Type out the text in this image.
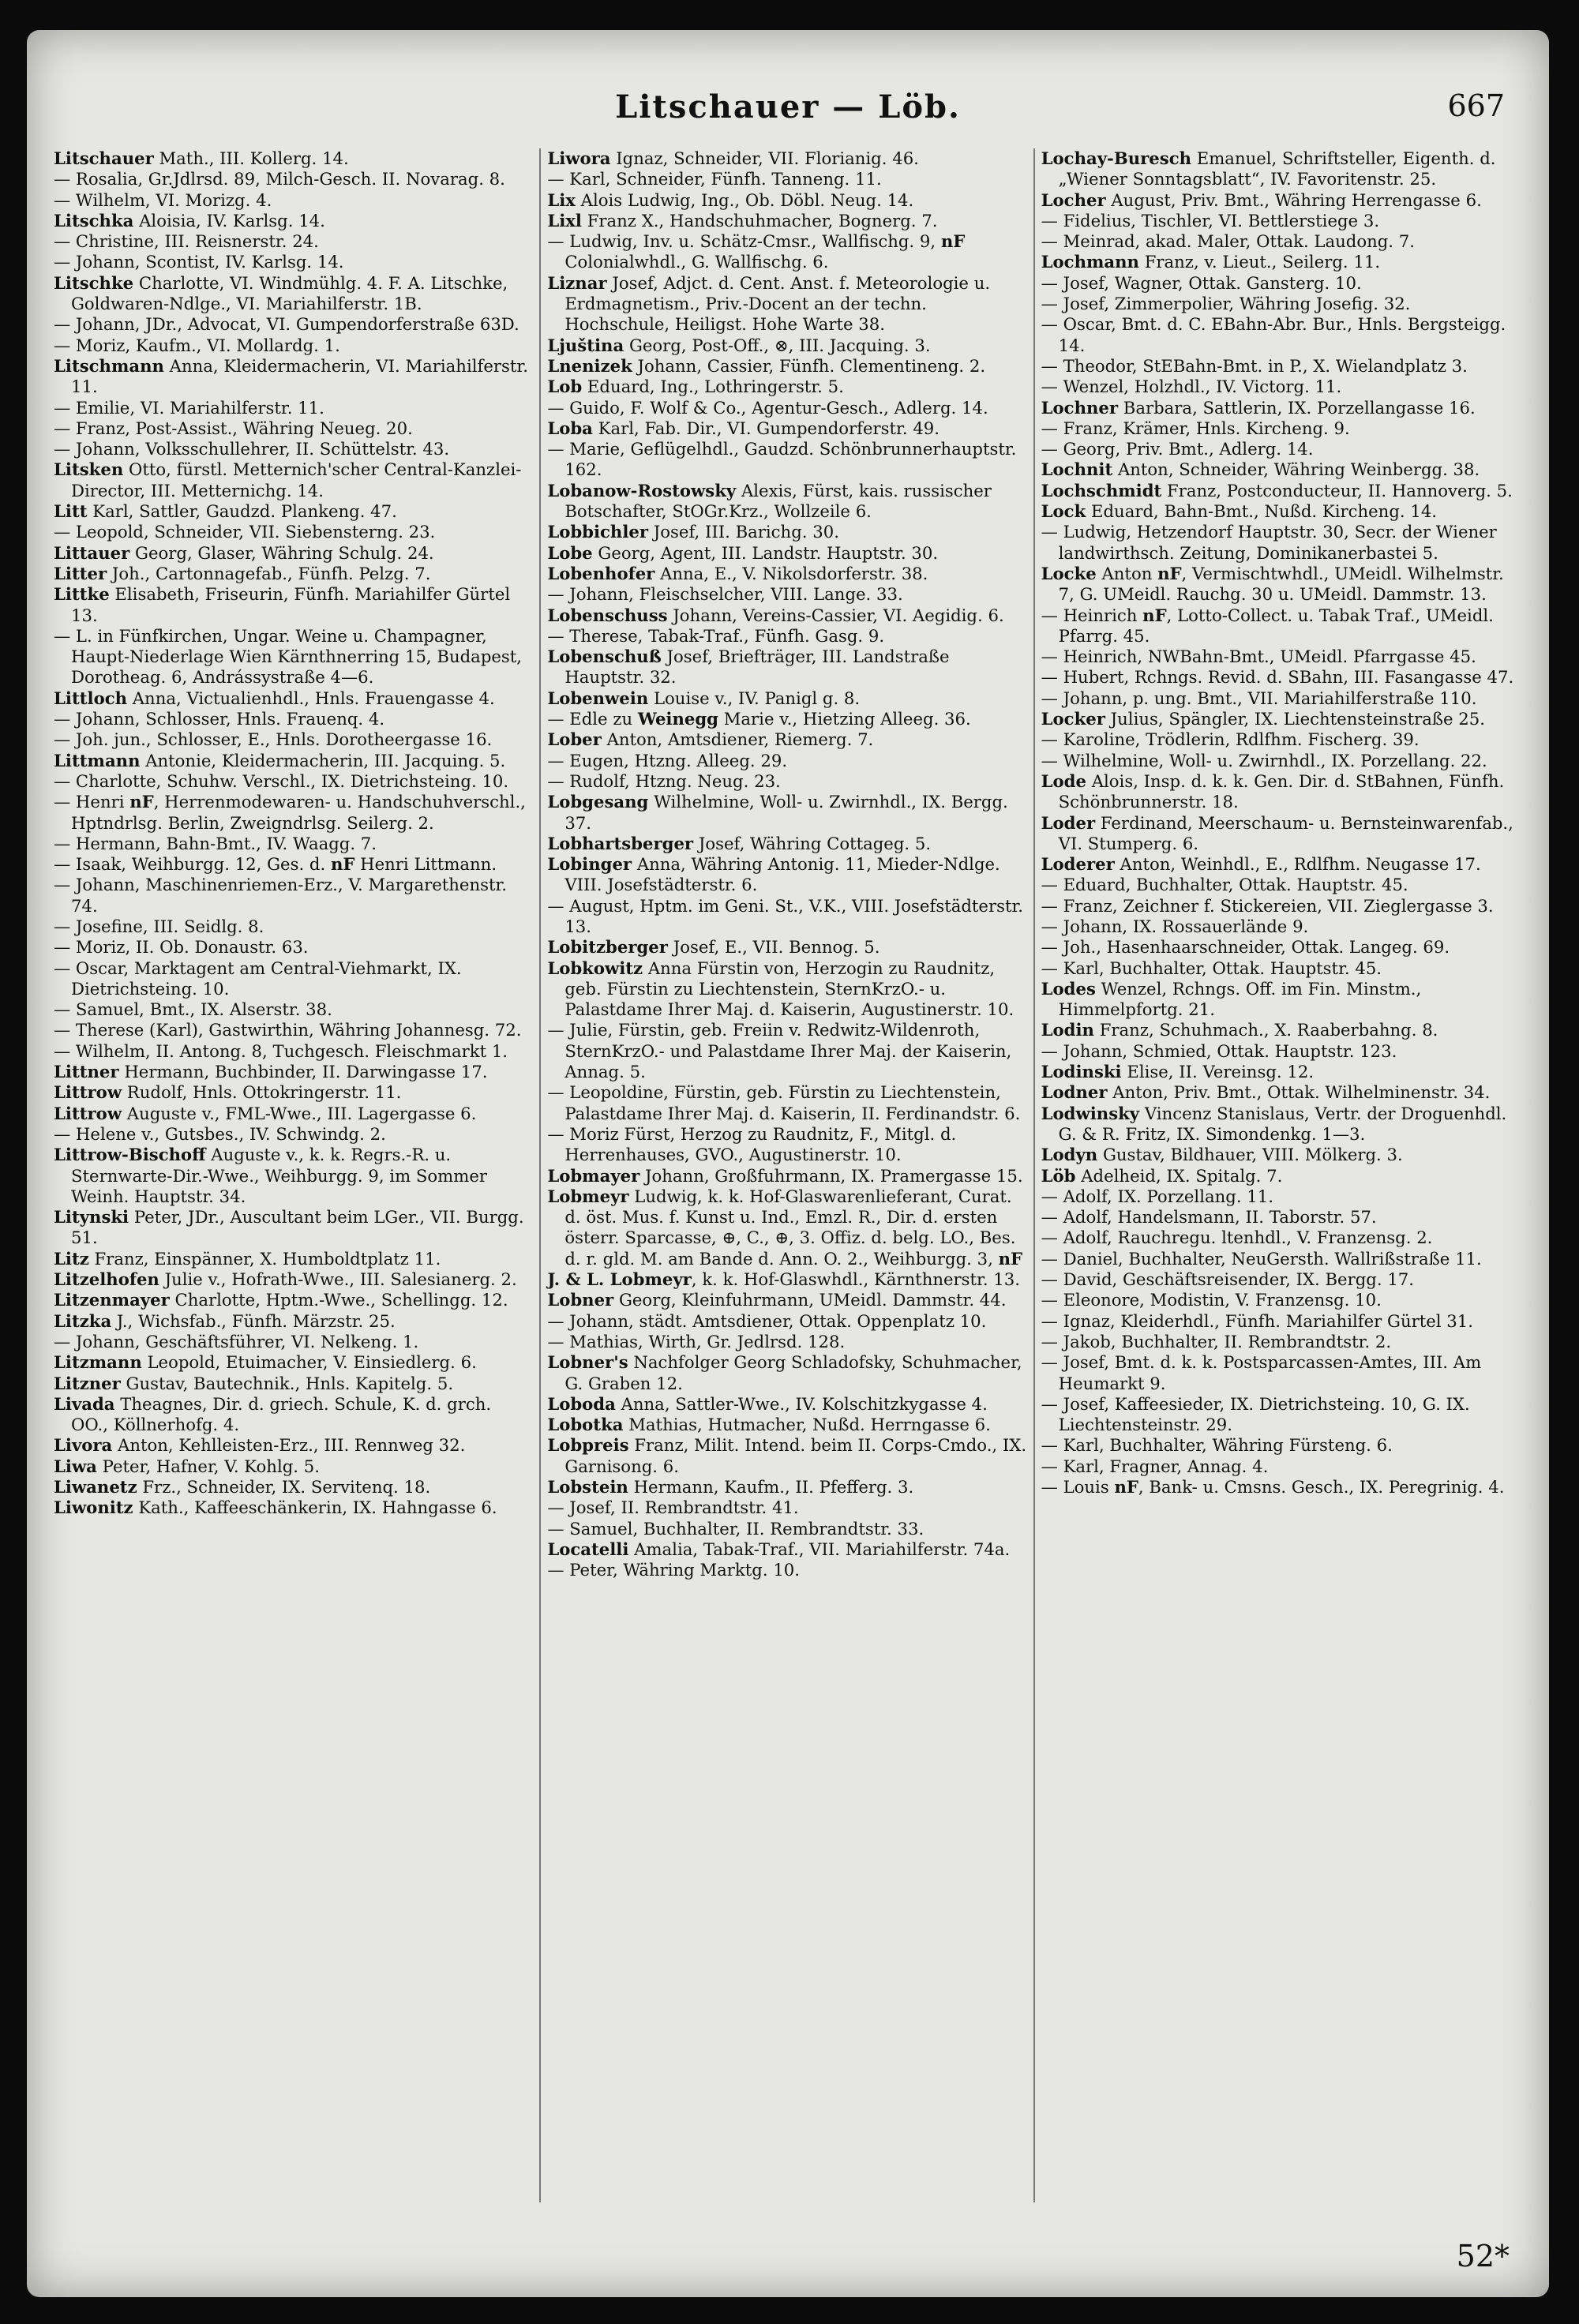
Litschauer — Löb.	667

Litschauer Math., III. Kollerg. 14.

— Rosalia, Gr.Jdlrsd. 89, Milch-Gesch. II. Novarag. 8.

— Wilhelm, VI. Morizg. 4.

Litschka Aloisia, IV. Karlsg. 14.

— Christine, III. Reisnerstr. 24.

— Johann, Scontist, IV. Karlsg. 14.

Litschke Charlotte, VI. Windmühlg. 4. F. A. Litschke, Goldwaren-Ndlge., VI. Mariahilferstr. 1B.

— Johann, JDr., Advocat, VI. Gumpendorferstraße 63D.

— Moriz, Kaufm., VI. Mollardg. 1.

Litschmann Anna, Kleidermacherin, VI. Mariahilferstr. 11.

— Emilie, VI. Mariahilferstr. 11.

— Franz, Post-Assist., Währing Neueg. 20.

— Johann, Volksschullehrer, II. Schüttelstr. 43.

Litsken Otto, fürstl. Metternich'scher Central-Kanzlei-Director, III. Metternichg. 14.

Litt Karl, Sattler, Gaudzd. Plankeng. 47.

— Leopold, Schneider, VII. Siebensterng. 23.

Littauer Georg, Glaser, Währing Schulg. 24.

Litter Joh., Cartonnagefab., Fünfh. Pelzg. 7.

Littke Elisabeth, Friseurin, Fünfh. Mariahilfer Gürtel 13.

— L. in Fünfkirchen, Ungar. Weine u. Champagner, Haupt-Niederlage Wien Kärnthnerring 15, Budapest, Dorotheag. 6, Andrássystraße 4—6.

Littloch Anna, Victualienhdl., Hnls. Frauengasse 4.

— Johann, Schlosser, Hnls. Frauenq. 4.

— Joh. jun., Schlosser, E., Hnls. Dorotheergasse 16.

Littmann Antonie, Kleidermacherin, III. Jacquing. 5.

— Charlotte, Schuhw. Verschl., IX. Dietrichsteing. 10.

— Henri nF, Herrenmodewaren- u. Handschuhverschl., Hptndrlsg. Berlin, Zweigndrlsg. Seilerg. 2.

— Hermann, Bahn-Bmt., IV. Waagg. 7.

— Isaak, Weihburgg. 12, Ges. d. nF Henri Littmann.

— Johann, Maschinenriemen-Erz., V. Margarethenstr. 74.

— Josefine, III. Seidlg. 8.

— Moriz, II. Ob. Donaustr. 63.

— Oscar, Marktagent am Central-Viehmarkt, IX. Dietrichsteing. 10.

— Samuel, Bmt., IX. Alserstr. 38.

— Therese (Karl), Gastwirthin, Währing Johannesg. 72.

— Wilhelm, II. Antong. 8, Tuchgesch. Fleischmarkt 1.

Littner Hermann, Buchbinder, II. Darwingasse 17.

Littrow Rudolf, Hnls. Ottokringerstr. 11.

Littrow Auguste v., FML-Wwe., III. Lagergasse 6.

— Helene v., Gutsbes., IV. Schwindg. 2.

Littrow-Bischoff Auguste v., k. k. Regrs.-R. u. Sternwarte-Dir.-Wwe., Weihburgg. 9, im Sommer Weinh. Hauptstr. 34.

Litynski Peter, JDr., Auscultant beim LGer., VII. Burgg. 51.

Litz Franz, Einspänner, X. Humboldtplatz 11.

Litzelhofen Julie v., Hofrath-Wwe., III. Salesianerg. 2.

Litzenmayer Charlotte, Hptm.-Wwe., Schellingg. 12.

Litzka J., Wichsfab., Fünfh. Märzstr. 25.

— Johann, Geschäftsführer, VI. Nelkeng. 1.

Litzmann Leopold, Etuimacher, V. Einsiedlerg. 6.

Litzner Gustav, Bautechnik., Hnls. Kapitelg. 5.

Livada Theagnes, Dir. d. griech. Schule, K. d. grch. OO., Köllnerhofg. 4.

Livora Anton, Kehlleisten-Erz., III. Rennweg 32.

Liwa Peter, Hafner, V. Kohlg. 5.

Liwanetz Frz., Schneider, IX. Servitenq. 18.

Liwonitz Kath., Kaffeeschänkerin, IX. Hahngasse 6.

Liwora Ignaz, Schneider, VII. Florianig. 46.

— Karl, Schneider, Fünfh. Tanneng. 11.

Lix Alois Ludwig, Ing., Ob. Döbl. Neug. 14.

Lixl Franz X., Handschuhmacher, Bognerg. 7.

— Ludwig, Inv. u. Schätz-Cmsr., Wallfischg. 9, nF Colonialwhdl., G. Wallfischg. 6.

Liznar Josef, Adjct. d. Cent. Anst. f. Meteorologie u. Erdmagnetism., Priv.-Docent an der techn. Hochschule, Heiligst. Hohe Warte 38.

Ljuština Georg, Post-Off., ⊗, III. Jacquing. 3.

Lnenizek Johann, Cassier, Fünfh. Clementineng. 2.

Lob Eduard, Ing., Lothringerstr. 5.

— Guido, F. Wolf & Co., Agentur-Gesch., Adlerg. 14.

Loba Karl, Fab. Dir., VI. Gumpendorferstr. 49.

— Marie, Geflügelhdl., Gaudzd. Schönbrunnerhauptstr. 162.

Lobanow-Rostowsky Alexis, Fürst, kais. russischer Botschafter, StOGr.Krz., Wollzeile 6.

Lobbichler Josef, III. Barichg. 30.

Lobe Georg, Agent, III. Landstr. Hauptstr. 30.

Lobenhofer Anna, E., V. Nikolsdorferstr. 38.

— Johann, Fleischselcher, VIII. Lange. 33.

Lobenschuss Johann, Vereins-Cassier, VI. Aegidig. 6.

— Therese, Tabak-Traf., Fünfh. Gasg. 9.

Lobenschuß Josef, Briefträger, III. Landstraße Hauptstr. 32.

Lobenwein Louise v., IV. Panigl g. 8.

— Edle zu Weinegg Marie v., Hietzing Alleeg. 36.

Lober Anton, Amtsdiener, Riemerg. 7.

— Eugen, Htzng. Alleeg. 29.

— Rudolf, Htzng. Neug. 23.

Lobgesang Wilhelmine, Woll- u. Zwirnhdl., IX. Bergg. 37.

Lobhartsberger Josef, Währing Cottageg. 5.

Lobinger Anna, Währing Antonig. 11, Mieder-Ndlge. VIII. Josefstädterstr. 6.

— August, Hptm. im Geni. St., V.K., VIII. Josefstädterstr. 13.

Lobitzberger Josef, E., VII. Bennog. 5.

Lobkowitz Anna Fürstin von, Herzogin zu Raudnitz, geb. Fürstin zu Liechtenstein, SternKrzO.- u. Palastdame Ihrer Maj. d. Kaiserin, Augustinerstr. 10.

— Julie, Fürstin, geb. Freiin v. Redwitz-Wildenroth, SternKrzO.- und Palastdame Ihrer Maj. der Kaiserin, Annag. 5.

— Leopoldine, Fürstin, geb. Fürstin zu Liechtenstein, Palastdame Ihrer Maj. d. Kaiserin, II. Ferdinandstr. 6.

— Moriz Fürst, Herzog zu Raudnitz, F., Mitgl. d. Herrenhauses, GVO., Augustinerstr. 10.

Lobmayer Johann, Großfuhrmann, IX. Pramergasse 15.

Lobmeyr Ludwig, k. k. Hof-Glaswarenlieferant, Curat. d. öst. Mus. f. Kunst u. Ind., Emzl. R., Dir. d. ersten österr. Sparcasse, ⊕, C., ⊕, 3. Offiz. d. belg. LO., Bes. d. r. gld. M. am Bande d. Ann. O. 2., Weihburgg. 3, nF

J. & L. Lobmeyr, k. k. Hof-Glaswhdl., Kärnthnerstr. 13.

Lobner Georg, Kleinfuhrmann, UMeidl. Dammstr. 44.

— Johann, städt. Amtsdiener, Ottak. Oppenplatz 10.

— Mathias, Wirth, Gr. Jedlrsd. 128.

Lobner's Nachfolger Georg Schladofsky, Schuhmacher, G. Graben 12.

Loboda Anna, Sattler-Wwe., IV. Kolschitzkygasse 4.

Lobotka Mathias, Hutmacher, Nußd. Herrngasse 6.

Lobpreis Franz, Milit. Intend. beim II. Corps-Cmdo., IX. Garnisong. 6.

Lobstein Hermann, Kaufm., II. Pfefferg. 3.

— Josef, II. Rembrandtstr. 41.

— Samuel, Buchhalter, II. Rembrandtstr. 33.

Locatelli Amalia, Tabak-Traf., VII. Mariahilferstr. 74a.

— Peter, Währing Marktg. 10.

Lochay-Buresch Emanuel, Schriftsteller, Eigenth. d. „Wiener Sonntagsblatt“, IV. Favoritenstr. 25.

Locher August, Priv. Bmt., Währing Herrengasse 6.

— Fidelius, Tischler, VI. Bettlerstiege 3.

— Meinrad, akad. Maler, Ottak. Laudong. 7.

Lochmann Franz, v. Lieut., Seilerg. 11.

— Josef, Wagner, Ottak. Gansterg. 10.

— Josef, Zimmerpolier, Währing Josefig. 32.

— Oscar, Bmt. d. C. EBahn-Abr. Bur., Hnls. Bergsteigg. 14.

— Theodor, StEBahn-Bmt. in P., X. Wielandplatz 3.

— Wenzel, Holzhdl., IV. Victorg. 11.

Lochner Barbara, Sattlerin, IX. Porzellangasse 16.

— Franz, Krämer, Hnls. Kircheng. 9.

— Georg, Priv. Bmt., Adlerg. 14.

Lochnit Anton, Schneider, Währing Weinbergg. 38.

Lochschmidt Franz, Postconducteur, II. Hannoverg. 5.

Lock Eduard, Bahn-Bmt., Nußd. Kircheng. 14.

— Ludwig, Hetzendorf Hauptstr. 30, Secr. der Wiener landwirthsch. Zeitung, Dominikanerbastei 5.

Locke Anton nF, Vermischtwhdl., UMeidl. Wilhelmstr. 7, G. UMeidl. Rauchg. 30 u. UMeidl. Dammstr. 13.

— Heinrich nF, Lotto-Collect. u. Tabak Traf., UMeidl. Pfarrg. 45.

— Heinrich, NWBahn-Bmt., UMeidl. Pfarrgasse 45.

— Hubert, Rchngs. Revid. d. SBahn, III. Fasangasse 47.

— Johann, p. ung. Bmt., VII. Mariahilferstraße 110.

Locker Julius, Spängler, IX. Liechtensteinstraße 25.

— Karoline, Trödlerin, Rdlfhm. Fischerg. 39.

— Wilhelmine, Woll- u. Zwirnhdl., IX. Porzellang. 22.

Lode Alois, Insp. d. k. k. Gen. Dir. d. StBahnen, Fünfh. Schönbrunnerstr. 18.

Loder Ferdinand, Meerschaum- u. Bernsteinwarenfab., VI. Stumperg. 6.

Loderer Anton, Weinhdl., E., Rdlfhm. Neugasse 17.

— Eduard, Buchhalter, Ottak. Hauptstr. 45.

— Franz, Zeichner f. Stickereien, VII. Zieglergasse 3.

— Johann, IX. Rossauerlände 9.

— Joh., Hasenhaarschneider, Ottak. Langeg. 69.

— Karl, Buchhalter, Ottak. Hauptstr. 45.

Lodes Wenzel, Rchngs. Off. im Fin. Minstm., Himmelpfortg. 21.

Lodin Franz, Schuhmach., X. Raaberbahng. 8.

— Johann, Schmied, Ottak. Hauptstr. 123.

Lodinski Elise, II. Vereinsg. 12.

Lodner Anton, Priv. Bmt., Ottak. Wilhelminenstr. 34.

Lodwinsky Vincenz Stanislaus, Vertr. der Droguenhdl. G. & R. Fritz, IX. Simondenkg. 1—3.

Lodyn Gustav, Bildhauer, VIII. Mölkerg. 3.

Löb Adelheid, IX. Spitalg. 7.

— Adolf, IX. Porzellang. 11.

— Adolf, Handelsmann, II. Taborstr. 57.

— Adolf, Rauchregu. ltenhdl., V. Franzensg. 2.

— Daniel, Buchhalter, NeuGersth. Wallrißstraße 11.

— David, Geschäftsreisender, IX. Bergg. 17.

— Eleonore, Modistin, V. Franzensg. 10.

— Ignaz, Kleiderhdl., Fünfh. Mariahilfer Gürtel 31.

— Jakob, Buchhalter, II. Rembrandtstr. 2.

— Josef, Bmt. d. k. k. Postsparcassen-Amtes, III. Am Heumarkt 9.

— Josef, Kaffeesieder, IX. Dietrichsteing. 10, G. IX. Liechtensteinstr. 29.

— Karl, Buchhalter, Währing Fürsteng. 6.

— Karl, Fragner, Annag. 4.

— Louis nF, Bank- u. Cmsns. Gesch., IX. Peregrinig. 4.

52*
